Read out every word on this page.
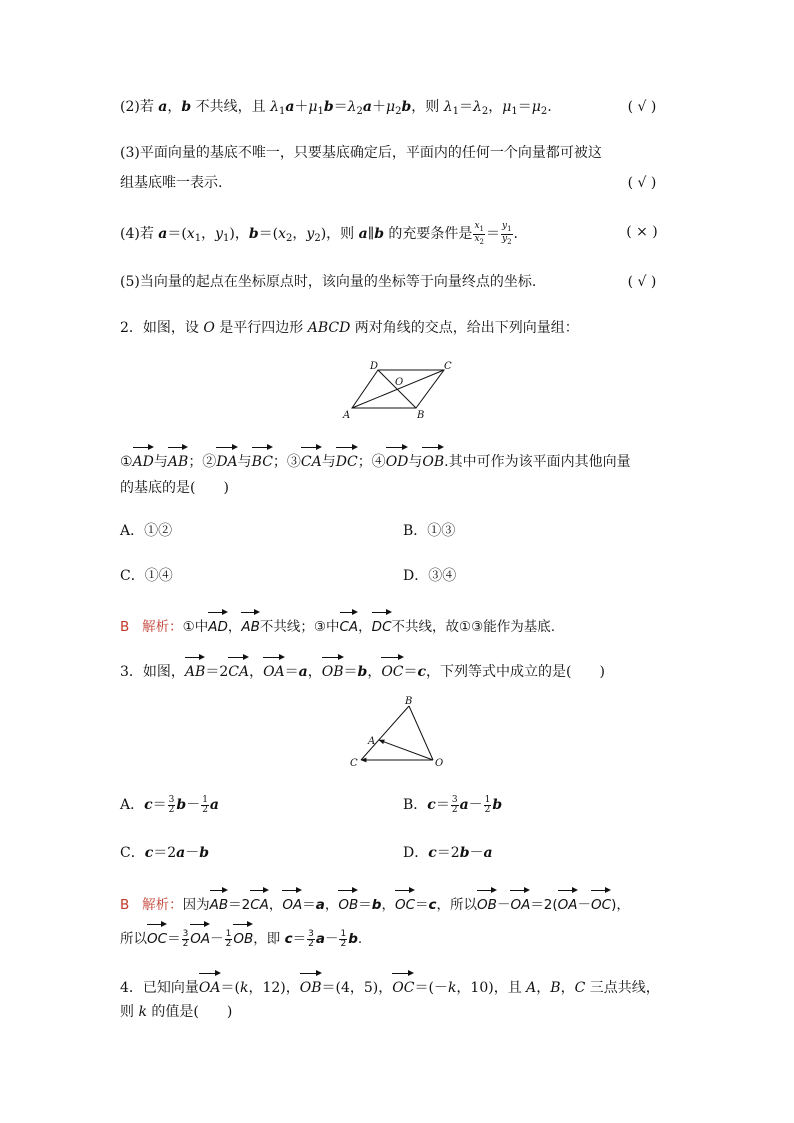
(2)若 a，b 不共线，且 $\lambda_1a+\mu_1b=\lambda_2a+\mu_2b$，则 $\lambda_1=\lambda_2$，$\mu_1=\mu_2$.	( √ )
(3)平面向量的基底不唯一，只要基底确定后，平面内的任何一个向量都可被这
组基底唯一表示.	( √ )
(4)若 $a=(x_1$，$y_1$)，$b=(x_2$，$y_2$)，则 a∥b 的充要条件是 $\frac{x_1}{x_2} = \frac{y_1}{y_2}$ .	( × )
(5)当向量的起点在坐标原点时，该向量的坐标等于向量终点的坐标.	( √ )
2．如图，设 O 是平行四边形 ABCD 两对角线的交点，给出下列向量组：
A	B
C
D
O
①AD与AB；②DA与BC；③CA与DC；④OD与OB.其中可作为该平面内其他向量
的基底的是(　　)
A．①②	B．①③
C．①④	D．③④
B 解析：①中AD，AB不共线；③中CA，DC不共线，故①③能作为基底.
3．如图，AB＝2CA，OA＝a，OB＝b，OC＝c，下列等式中成立的是(　　)
B
A
C	O
A．$c= \frac{3}{2} b- \frac{1}{2}$ a	B．$c= \frac{3}{2} a- \frac{1}{2}$ b
C．c＝2a－b	D．c＝2b－a
B 解析：因为AB＝2CA，OA＝a，OB＝b，OC＝c，所以OB－OA＝2(OA－OC)，
所以$OC= \frac{3}{2} OA- \frac{1}{2}$ OB，即 $c= \frac{3}{2} a- \frac{1}{2} b$.
4．已知向量OA＝(k，12)，OB＝(4，5)，OC＝(－k，10)，且 A，B，C 三点共线，
则 k 的值是(　　)
